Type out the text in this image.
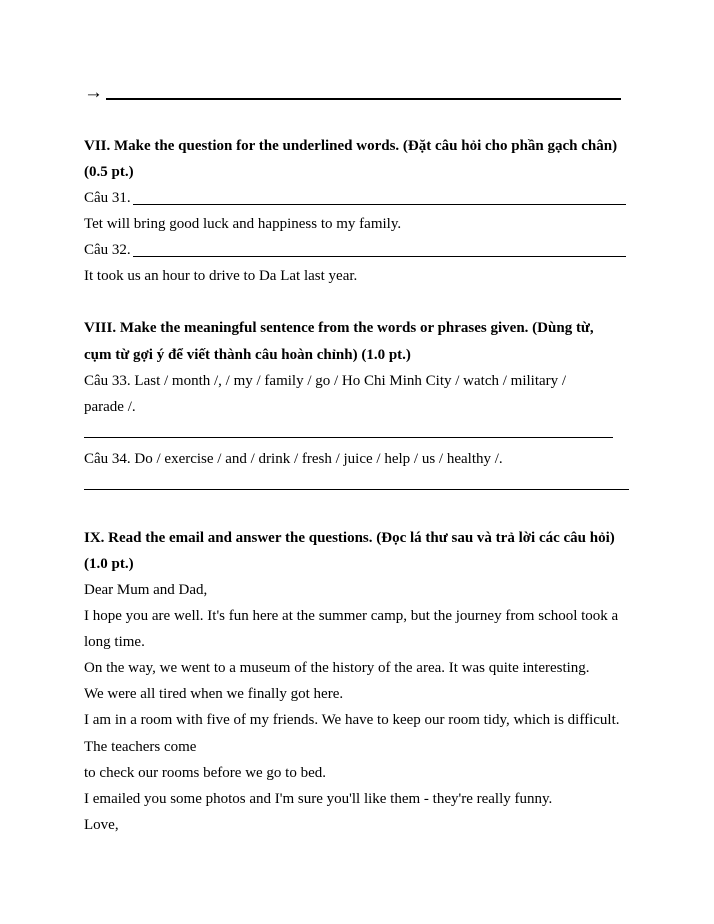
→
VII. Make the question for the underlined words. (Đặt câu hỏi cho phần gạch chân)
(0.5 pt.)
Câu 31.
Tet will bring good luck and happiness to my family.
Câu 32.
It took us an hour to drive to Da Lat last year.
VIII. Make the meaningful sentence from the words or phrases given. (Dùng từ,
cụm từ gợi ý để viết thành câu hoàn chỉnh) (1.0 pt.)
Câu 33. Last / month /, / my / family / go / Ho Chi Minh City / watch / military /
parade /.
Câu 34. Do / exercise / and / drink / fresh / juice / help / us / healthy /.
IX. Read the email and answer the questions. (Đọc lá thư sau và trả lời các câu hỏi)
(1.0 pt.)
Dear Mum and Dad,
I hope you are well. It's fun here at the summer camp, but the journey from school took a
long time.
On the way, we went to a museum of the history of the area. It was quite interesting.
We were all tired when we finally got here.
I am in a room with five of my friends. We have to keep our room tidy, which is difficult.
The teachers come
to check our rooms before we go to bed.
I emailed you some photos and I'm sure you'll like them - they're really funny.
Love,
